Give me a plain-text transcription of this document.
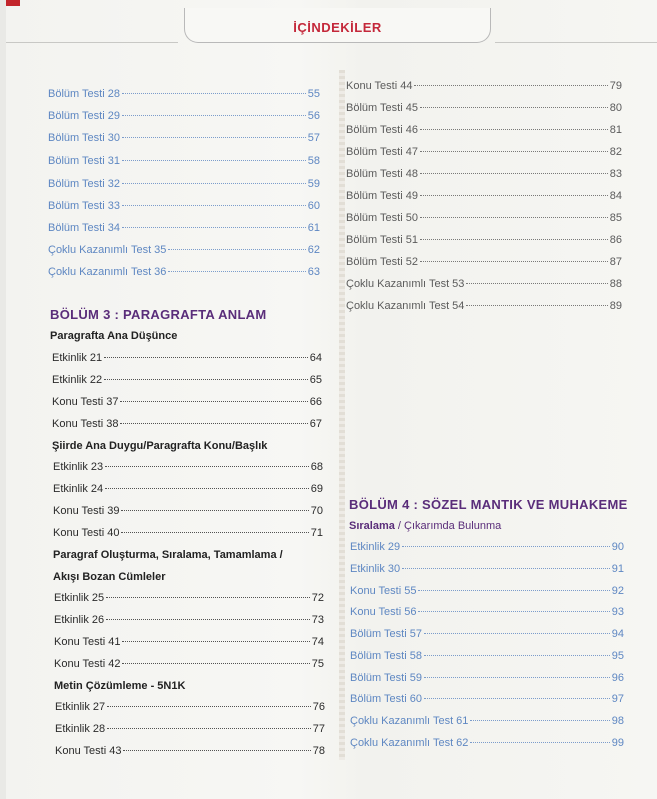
İÇİNDEKİLER
Bölüm Testi 28	55
Bölüm Testi 29	56
Bölüm Testi 30	57
Bölüm Testi 31	58
Bölüm Testi 32	59
Bölüm Testi 33	60
Bölüm Testi 34	61
Çoklu Kazanımlı Test 35	62
Çoklu Kazanımlı Test 36	63
BÖLÜM 3 : PARAGRAFTA ANLAM
Paragrafta Ana Düşünce
Etkinlik 21	64
Etkinlik 22	65
Konu Testi 37	66
Konu Testi 38	67
Şiirde Ana Duygu/Paragrafta Konu/Başlık
Etkinlik 23	68
Etkinlik 24	69
Konu Testi 39	70
Konu Testi 40	71
Paragraf Oluşturma, Sıralama, Tamamlama /
Akışı Bozan Cümleler
Etkinlik 25	72
Etkinlik 26	73
Konu Testi 41	74
Konu Testi 42	75
Metin Çözümleme - 5N1K
Etkinlik 27	76
Etkinlik 28	77
Konu Testi 43	78
Konu Testi 44	79
Bölüm Testi 45	80
Bölüm Testi 46	81
Bölüm Testi 47	82
Bölüm Testi 48	83
Bölüm Testi 49	84
Bölüm Testi 50	85
Bölüm Testi 51	86
Bölüm Testi 52	87
Çoklu Kazanımlı Test 53	88
Çoklu Kazanımlı Test 54	89
BÖLÜM 4 : SÖZEL MANTIK VE MUHAKEME
Sıralama / Çıkarımda Bulunma
Etkinlik 29	90
Etkinlik 30	91
Konu Testi 55	92
Konu Testi 56	93
Bölüm Testi 57	94
Bölüm Testi 58	95
Bölüm Testi 59	96
Bölüm Testi 60	97
Çoklu Kazanımlı Test 61	98
Çoklu Kazanımlı Test 62	99
